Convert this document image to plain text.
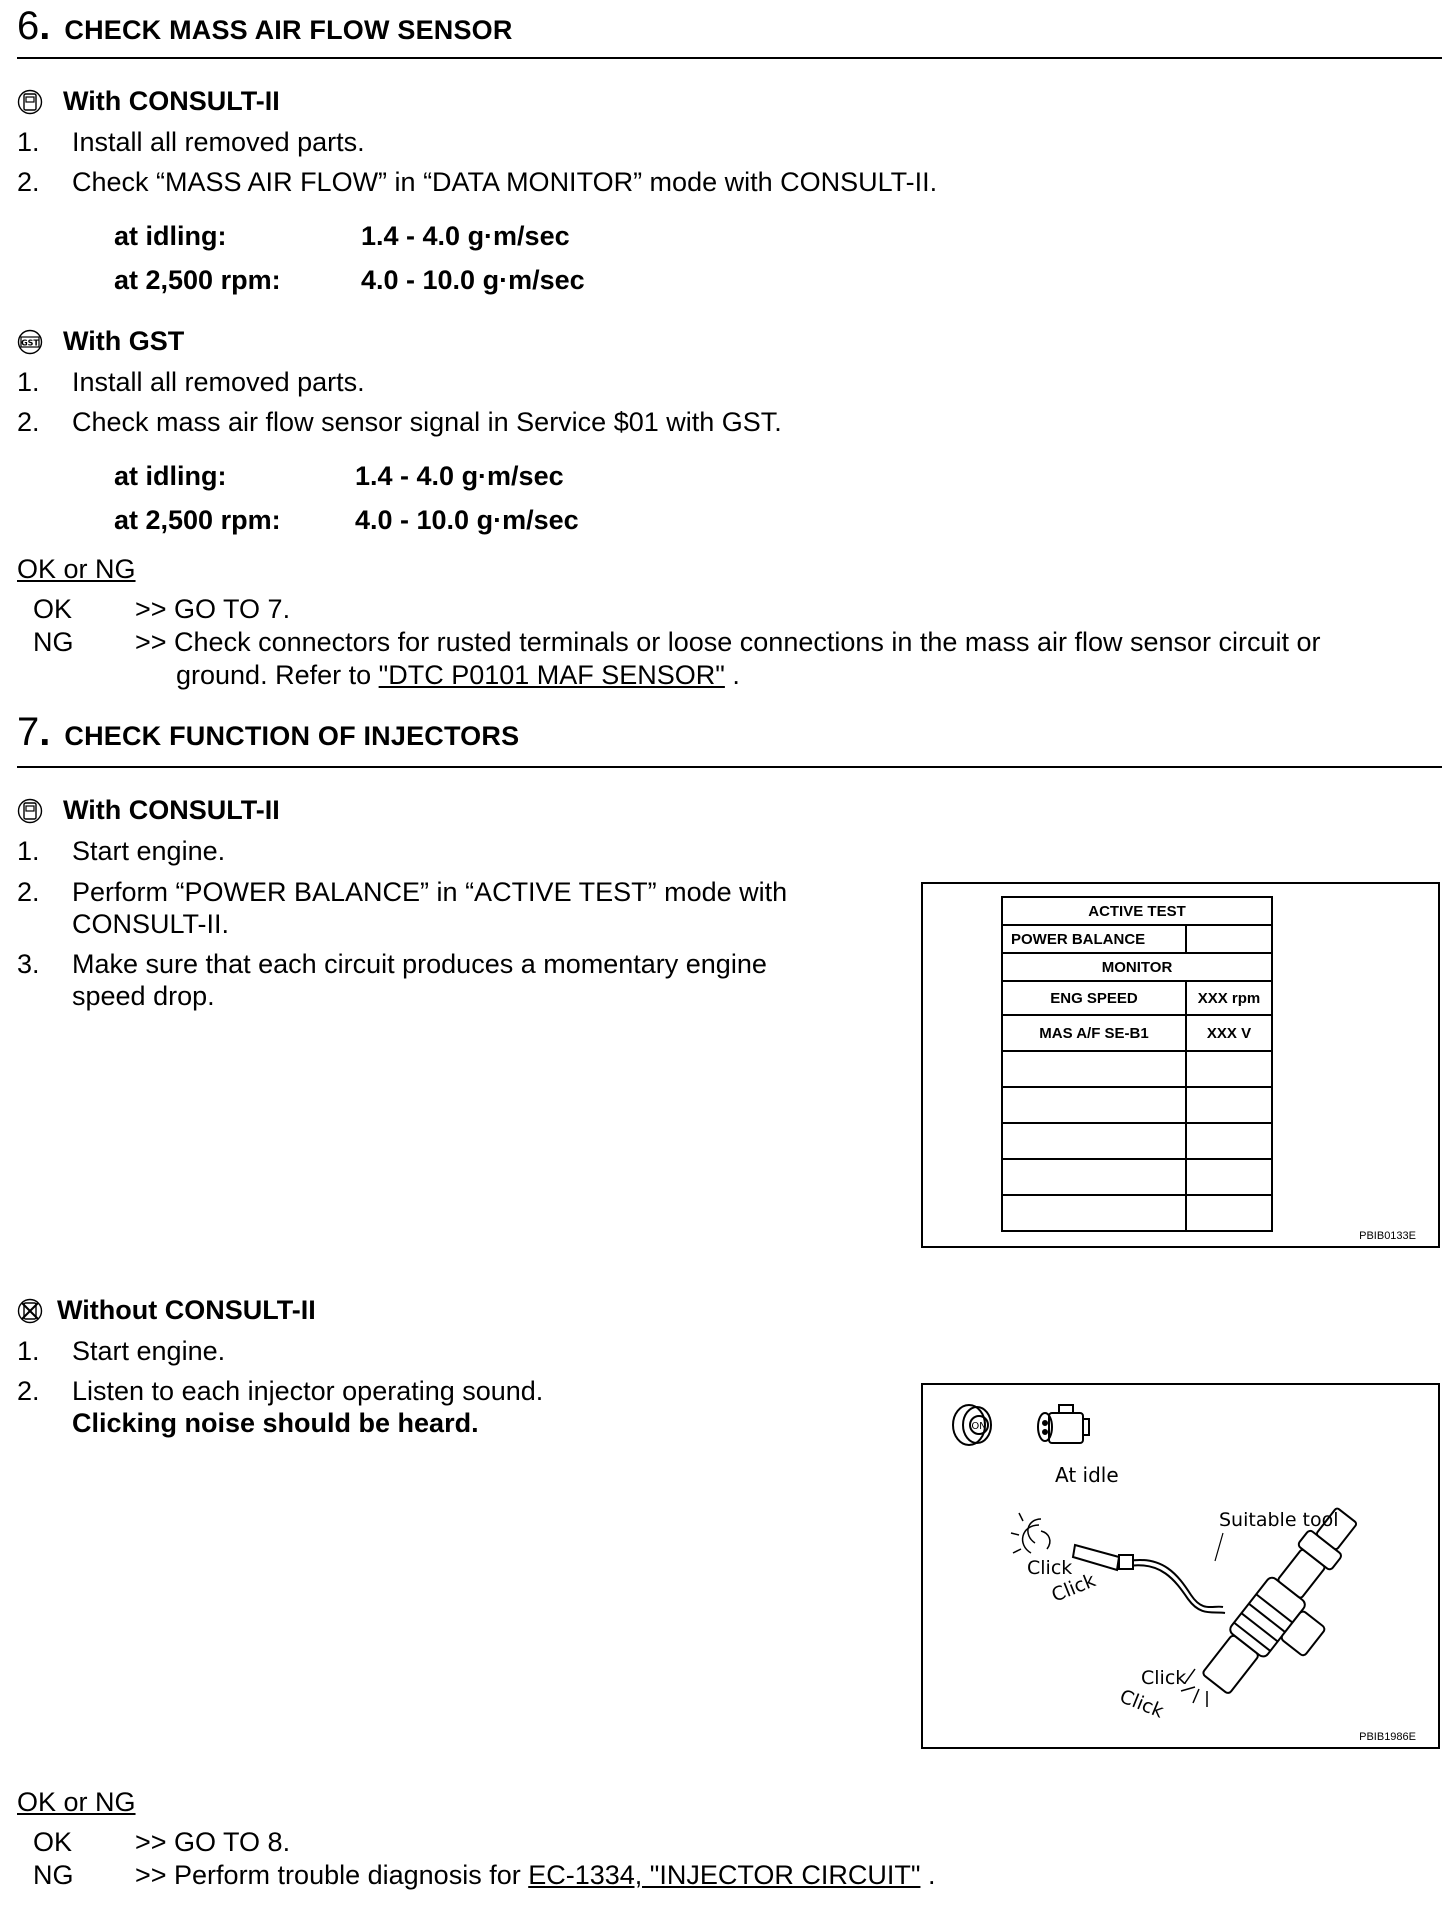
6 . CHECK MASS AIR FLOW SENSOR
With CONSULT-II
1.	Install all removed parts.
2.	Check “MASS AIR FLOW” in “DATA MONITOR” mode with CONSULT-II.
at idling:	1.4 - 4.0 g·m/sec
at 2,500 rpm:	4.0 - 10.0 g·m/sec
GST With GST
1.	Install all removed parts.
2.	Check mass air flow sensor signal in Service $01 with GST.
at idling:	1.4 - 4.0 g·m/sec
at 2,500 rpm:	4.0 - 10.0 g·m/sec
OK or NG
OK >> GO TO 7.
NG >> Check connectors for rusted terminals or loose connections in the mass air flow sensor circuit or
ground. Refer to "DTC P0101 MAF SENSOR" .
7 . CHECK FUNCTION OF INJECTORS
With CONSULT-II
1.	Start engine.
2.	Perform “POWER BALANCE” in “ACTIVE TEST” mode with
CONSULT-II.
3.	Make sure that each circuit produces a momentary engine
speed drop.
ACTIVE TEST	
POWER BALANCE	
MONITOR	
ENG SPEED	XXX rpm
MAS A/F SE-B1	XXX V

PBIB0133E
Without CONSULT-II
1.	Start engine.
2.	Listen to each injector operating sound.
Clicking noise should be heard.	ON
At idle
Suitable tool
Click
Click
Click
Click
PBIB1986E
OK or NG
OK >> GO TO 8.
NG >> Perform trouble diagnosis for EC-1334, "INJECTOR CIRCUIT" .
